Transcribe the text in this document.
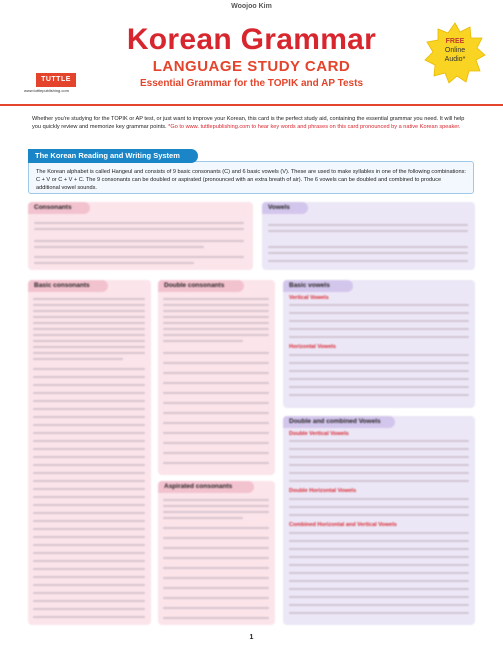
Woojoo Kim
Korean Grammar
LANGUAGE STUDY CARD
Essential Grammar for the TOPIK and AP Tests
TUTTLE
www.tuttlepublishing.com
FREE
Online
Audio*
Whether you're studying for the TOPIK or AP test, or just want to improve your Korean, this card is the perfect study aid, containing the essential grammar you need. It will help you quickly review and memorize key grammar points. *Go to www. tuttlepublishing.com to hear key words and phrases on this card pronounced by a native Korean speaker.
The Korean alphabet is called Hangeul and consists of 9 basic consonants (C) and 6 basic vowels (V). These are used to make syllables in one of the following combinations: C + V or C + V + C. The 9 consonants can be doubled or aspirated (pronounced with an extra breath of air). The 6 vowels can be doubled and combined to produce additional vowel sounds.
The Korean Reading and Writing System
Consonants	Vowels
Basic consonants	Double consonants
Aspirated consonants
Basic vowels
Vertical Vowels
Horizontal Vowels
Double and combined Vowels
Double Vertical Vowels
Double Horizontal Vowels
Combined Horizontal and Vertical Vowels
1
